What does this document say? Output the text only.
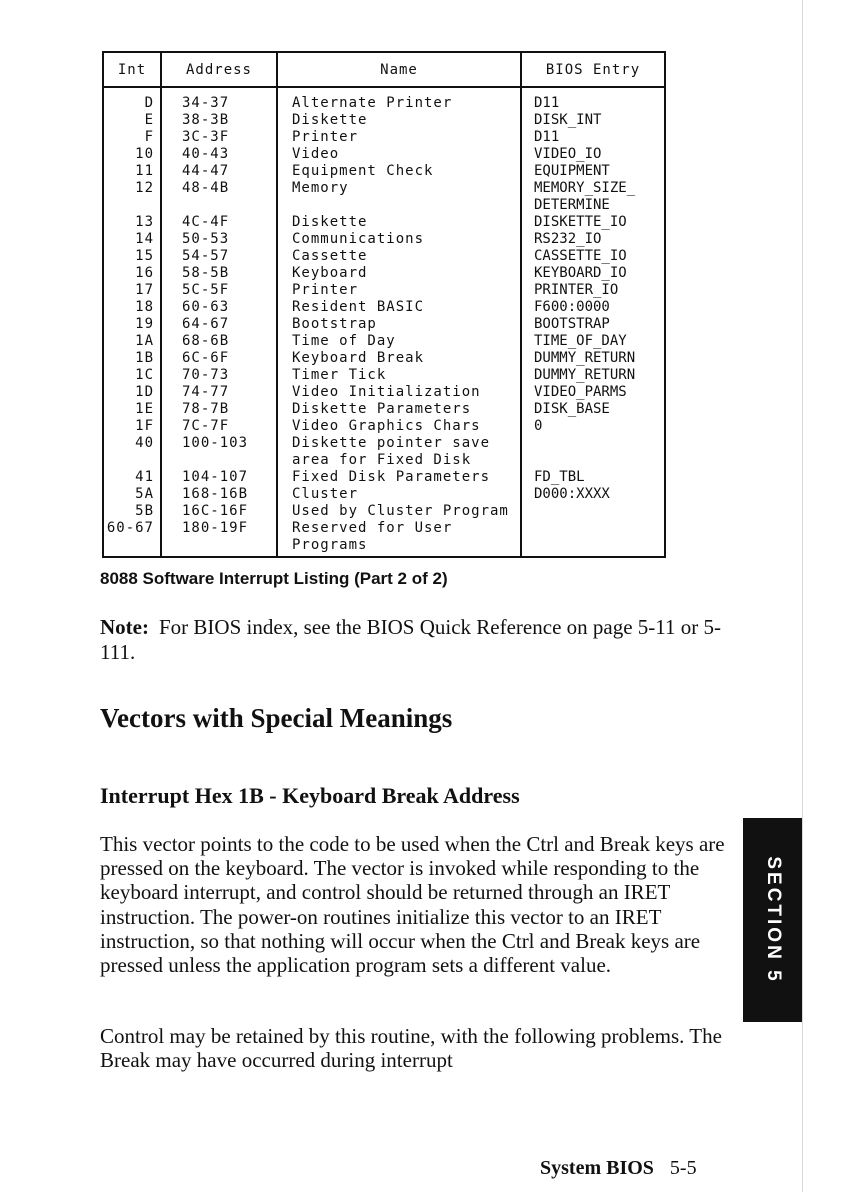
Int	Address	Name	BIOS Entry
D	34-37	Alternate Printer	D11
E	38-3B	Diskette	DISK_INT
F	3C-3F	Printer	D11
10	40-43	Video	VIDEO_IO
11	44-47	Equipment Check	EQUIPMENT
12	48-4B	Memory	MEMORY_SIZE_
			DETERMINE
13	4C-4F	Diskette	DISKETTE_IO
14	50-53	Communications	RS232_IO
15	54-57	Cassette	CASSETTE_IO
16	58-5B	Keyboard	KEYBOARD_IO
17	5C-5F	Printer	PRINTER_IO
18	60-63	Resident BASIC	F600:0000
19	64-67	Bootstrap	BOOTSTRAP
1A	68-6B	Time of Day	TIME_OF_DAY
1B	6C-6F	Keyboard Break	DUMMY_RETURN
1C	70-73	Timer Tick	DUMMY_RETURN
1D	74-77	Video Initialization	VIDEO_PARMS
1E	78-7B	Diskette Parameters	DISK_BASE
1F	7C-7F	Video Graphics Chars	0
40	100-103	Diskette pointer save	
		area for Fixed Disk	
41	104-107	Fixed Disk Parameters	FD_TBL
5A	168-16B	Cluster	D000:XXXX
5B	16C-16F	Used by Cluster Program	
60-67	180-19F	Reserved for User	
		Programs	

8088 Software Interrupt Listing (Part 2 of 2)

Note: For BIOS index, see the BIOS Quick Reference on page 5-11 or 5-111.

Vectors with Special Meanings
Interrupt Hex 1B - Keyboard Break Address

This vector points to the code to be used when the Ctrl and Break keys are pressed on the keyboard. The vector is invoked while responding to the keyboard interrupt, and control should be returned through an IRET instruction. The power-on routines initialize this vector to an IRET instruction, so that nothing will occur when the Ctrl and Break keys are pressed unless the application program sets a different value.

Control may be retained by this routine, with the following problems. The Break may have occurred during interrupt

SECTION 5

System BIOS 5-5
